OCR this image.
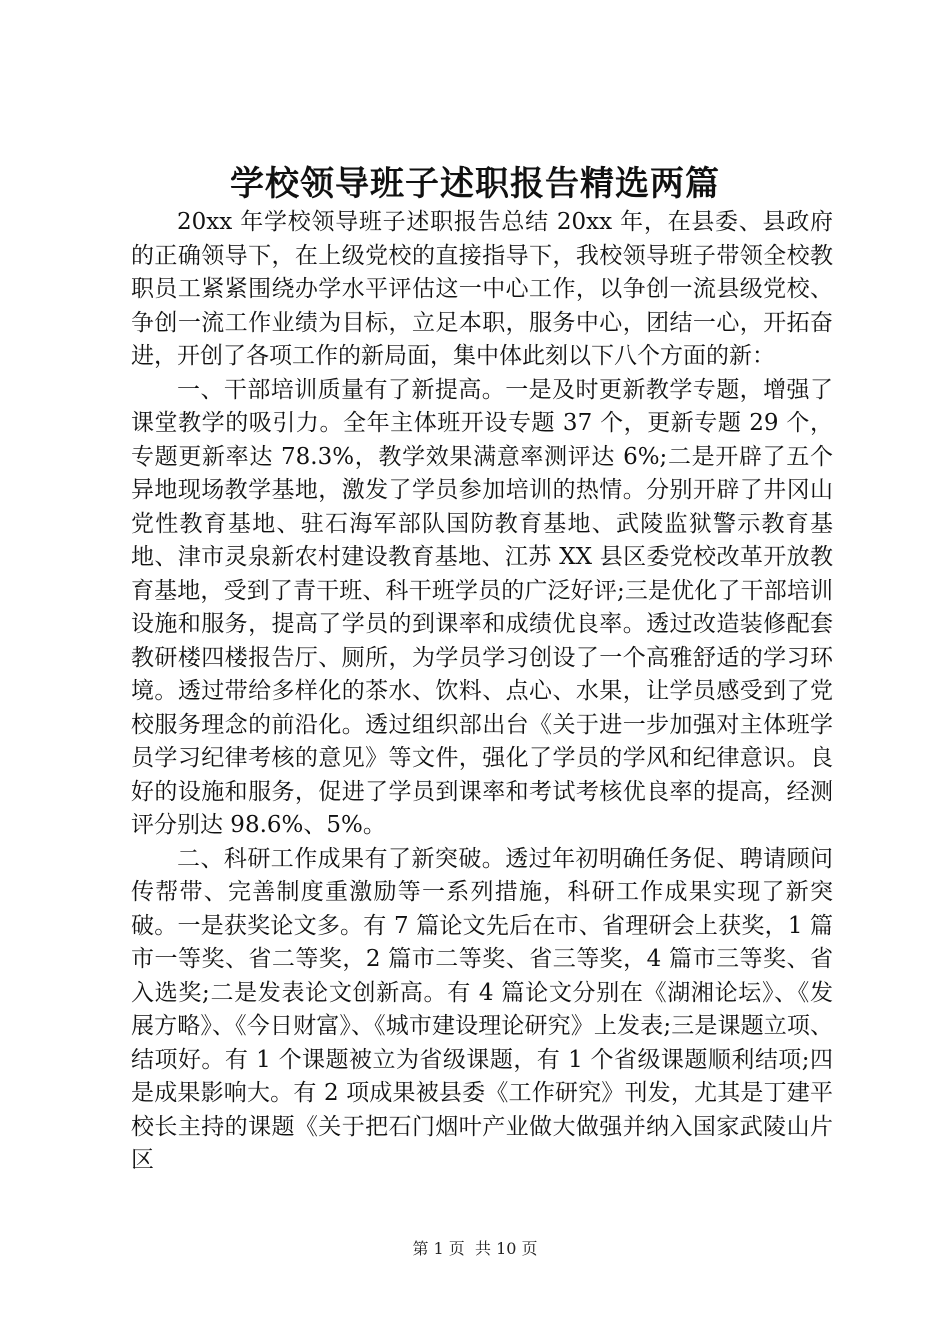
学校领导班子述职报告精选两篇

20xx 年学校领导班子述职报告总结 20xx 年，在县委、县政府的正确领导下，在上级党校的直接指导下，我校领导班子带领全校教职员工紧紧围绕办学水平评估这一中心工作，以争创一流县级党校、争创一流工作业绩为目标，立足本职，服务中心，团结一心，开拓奋进，开创了各项工作的新局面，集中体此刻以下八个方面的新：

一、干部培训质量有了新提高。一是及时更新教学专题，增强了课堂教学的吸引力。全年主体班开设专题 37 个，更新专题 29 个，专题更新率达 78.3%，教学效果满意率测评达 6%;二是开辟了五个异地现场教学基地，激发了学员参加培训的热情。分别开辟了井冈山党性教育基地、驻石海军部队国防教育基地、武陵监狱警示教育基地、津市灵泉新农村建设教育基地、江苏 XX 县区委党校改革开放教育基地，受到了青干班、科干班学员的广泛好评;三是优化了干部培训设施和服务，提高了学员的到课率和成绩优良率。透过改造装修配套教研楼四楼报告厅、厕所，为学员学习创设了一个高雅舒适的学习环境。透过带给多样化的茶水、饮料、点心、水果，让学员感受到了党校服务理念的前沿化。透过组织部出台《关于进一步加强对主体班学员学习纪律考核的意见》等文件，强化了学员的学风和纪律意识。良好的设施和服务，促进了学员到课率和考试考核优良率的提高，经测评分别达 98.6%、5%。

二、科研工作成果有了新突破。透过年初明确任务促、聘请顾问传帮带、完善制度重激励等一系列措施，科研工作成果实现了新突破。一是获奖论文多。有 7 篇论文先后在市、省理研会上获奖，1 篇市一等奖、省二等奖，2 篇市二等奖、省三等奖，4 篇市三等奖、省入选奖;二是发表论文创新高。有 4 篇论文分别在《湖湘论坛》、《发展方略》、《今日财富》、《城市建设理论研究》上发表;三是课题立项、结项好。有 1 个课题被立为省级课题，有 1 个省级课题顺利结项;四是成果影响大。有 2 项成果被县委《工作研究》刊发，尤其是丁建平校长主持的课题《关于把石门烟叶产业做大做强并纳入国家武陵山片区

第 1 页 共 10 页
